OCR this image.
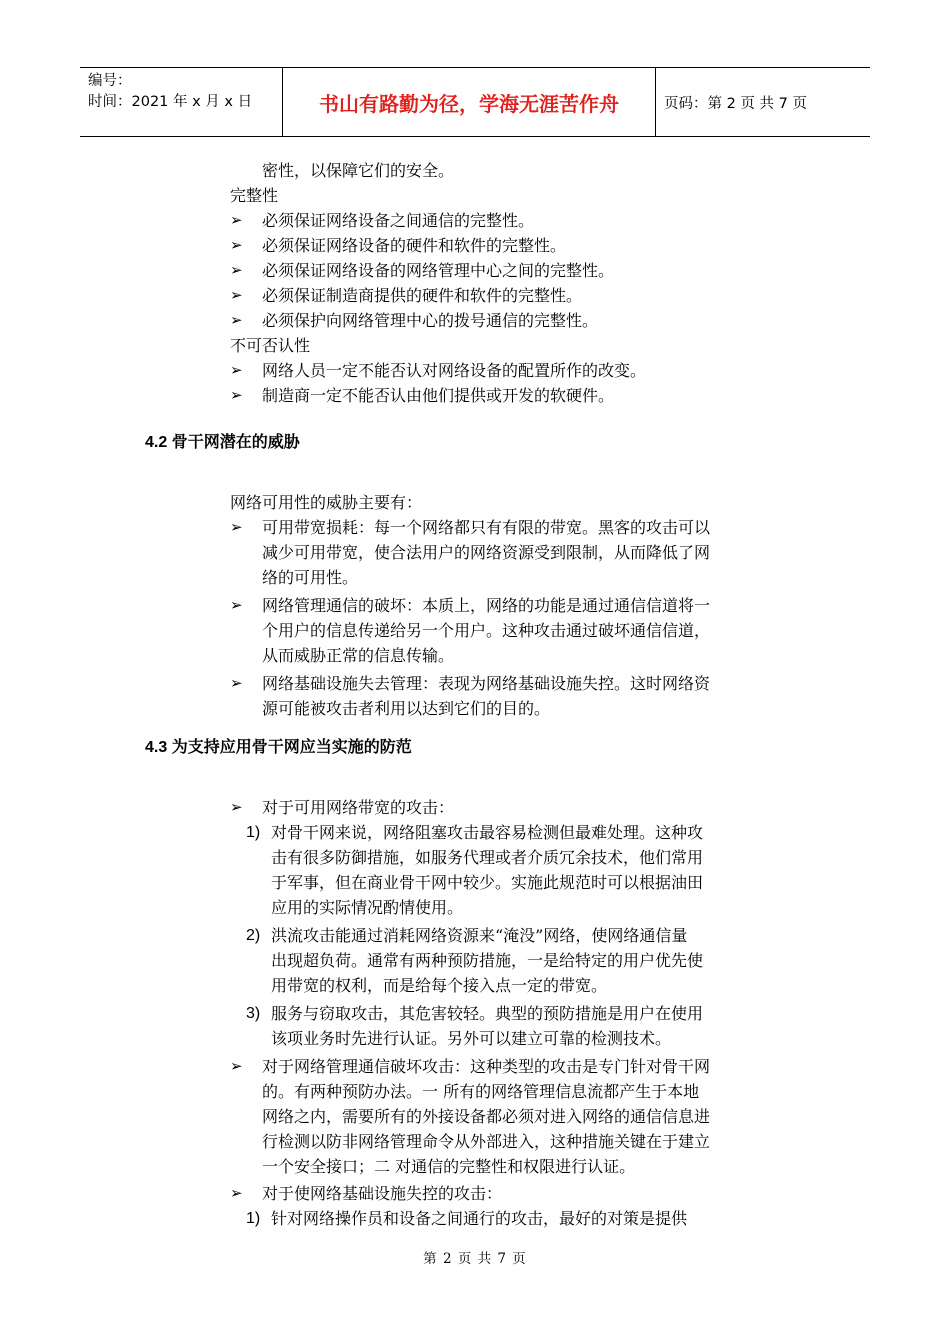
编号：
时间：2021 年 x 月 x 日	书山有路勤为径，学海无涯苦作舟	页码：第 2 页 共 7 页
密性，以保障它们的安全。
完整性
➢ 必须保证网络设备之间通信的完整性。
➢ 必须保证网络设备的硬件和软件的完整性。
➢ 必须保证网络设备的网络管理中心之间的完整性。
➢ 必须保证制造商提供的硬件和软件的完整性。
➢ 必须保护向网络管理中心的拨号通信的完整性。
不可否认性
➢ 网络人员一定不能否认对网络设备的配置所作的改变。
➢ 制造商一定不能否认由他们提供或开发的软硬件。
4.2 骨干网潜在的威胁
网络可用性的威胁主要有：
➢ 可用带宽损耗：每一个网络都只有有限的带宽。黑客的攻击可以
减少可用带宽，使合法用户的网络资源受到限制，从而降低了网
络的可用性。
➢ 网络管理通信的破坏：本质上，网络的功能是通过通信信道将一
个用户的信息传递给另一个用户。这种攻击通过破坏通信信道，
从而威胁正常的信息传输。
➢ 网络基础设施失去管理：表现为网络基础设施失控。这时网络资
源可能被攻击者利用以达到它们的目的。
4.3 为支持应用骨干网应当实施的防范
➢ 对于可用网络带宽的攻击：
1) 对骨干网来说，网络阻塞攻击最容易检测但最难处理。这种攻
击有很多防御措施，如服务代理或者介质冗余技术，他们常用
于军事，但在商业骨干网中较少。实施此规范时可以根据油田
应用的实际情况酌情使用。
2) 洪流攻击能通过消耗网络资源来“淹没”网络，使网络通信量
出现超负荷。通常有两种预防措施，一是给特定的用户优先使
用带宽的权利，而是给每个接入点一定的带宽。
3) 服务与窃取攻击，其危害较轻。典型的预防措施是用户在使用
该项业务时先进行认证。另外可以建立可靠的检测技术。
➢ 对于网络管理通信破坏攻击：这种类型的攻击是专门针对骨干网
的。有两种预防办法。一 所有的网络管理信息流都产生于本地
网络之内，需要所有的外接设备都必须对进入网络的通信信息进
行检测以防非网络管理命令从外部进入，这种措施关键在于建立
一个安全接口；二 对通信的完整性和权限进行认证。
➢ 对于使网络基础设施失控的攻击：
1) 针对网络操作员和设备之间通行的攻击，最好的对策是提供
第 2 页 共 7 页
